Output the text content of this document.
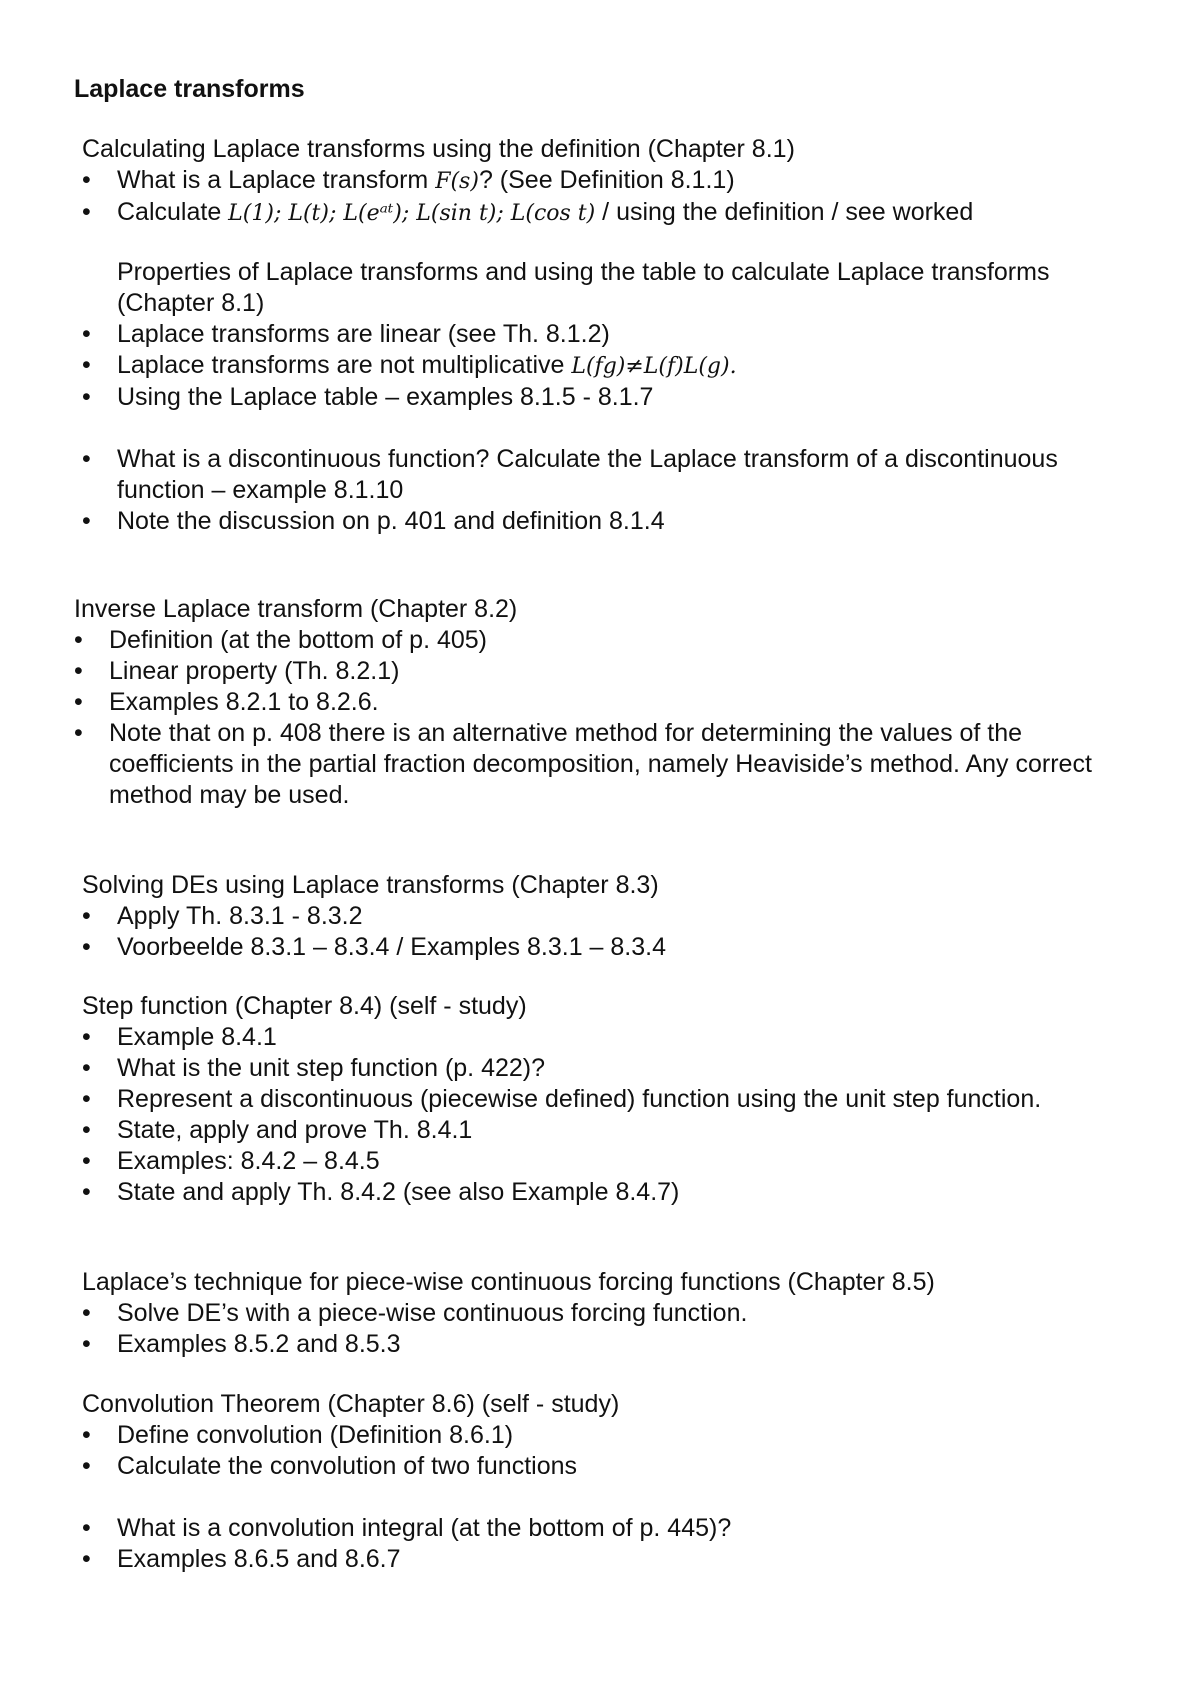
Laplace transforms
Calculating Laplace transforms using the definition (Chapter 8.1)
• What is a Laplace transform F(s)? (See Definition 8.1.1)
• Calculate L(1); L(t); L(eᵃᵗ); L(sin t); L(cos t) / using the definition / see worked
Properties of Laplace transforms and using the table to calculate Laplace transforms (Chapter 8.1)
• Laplace transforms are linear (see Th. 8.1.2)
• Laplace transforms are not multiplicative L(fg)≠L(f)L(g).
• Using the Laplace table – examples 8.1.5 - 8.1.7
• What is a discontinuous function? Calculate the Laplace transform of a discontinuous function – example 8.1.10
• Note the discussion on p. 401 and definition 8.1.4
Inverse Laplace transform (Chapter 8.2)
• Definition (at the bottom of p. 405)
• Linear property (Th. 8.2.1)
• Examples 8.2.1 to 8.2.6.
• Note that on p. 408 there is an alternative method for determining the values of the coefficients in the partial fraction decomposition, namely Heaviside’s method. Any correct method may be used.
Solving DEs using Laplace transforms (Chapter 8.3)
• Apply Th. 8.3.1 - 8.3.2
• Voorbeelde 8.3.1 – 8.3.4 / Examples 8.3.1 – 8.3.4
Step function (Chapter 8.4) (self - study)
• Example 8.4.1
• What is the unit step function (p. 422)?
• Represent a discontinuous (piecewise defined) function using the unit step function.
• State, apply and prove Th. 8.4.1
• Examples: 8.4.2 – 8.4.5
• State and apply Th. 8.4.2 (see also Example 8.4.7)
Laplace’s technique for piece-wise continuous forcing functions (Chapter 8.5)
• Solve DE’s with a piece-wise continuous forcing function.
• Examples 8.5.2 and 8.5.3
Convolution Theorem (Chapter 8.6) (self - study)
• Define convolution (Definition 8.6.1)
• Calculate the convolution of two functions
• What is a convolution integral (at the bottom of p. 445)?
• Examples 8.6.5 and 8.6.7
